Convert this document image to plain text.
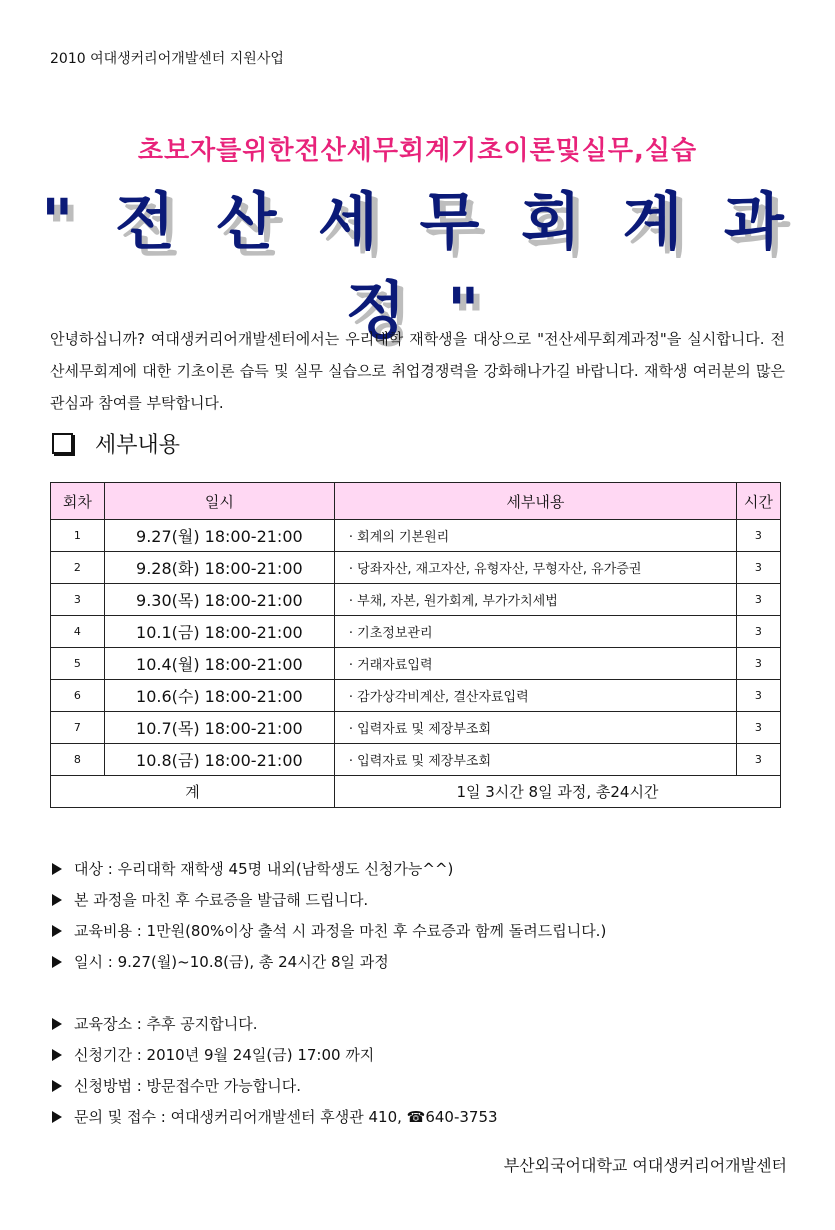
2010 여대생커리어개발센터 지원사업
초보자를위한전산세무회계기초이론및실무,실습
" 전 산 세 무 회 계 과 정 "

안녕하십니까? 여대생커리어개발센터에서는 우리대학 재학생을 대상으로 "전산세무회계과정"을 실시합니다. 전산세무회계에 대한 기초이론 습득 및 실무 실습으로 취업경쟁력을 강화해나가길 바랍니다. 재학생 여러분의 많은 관심과 참여를 부탁합니다.

세부내용
회차	일시	세부내용	시간
1	9.27(월) 18:00-21:00	· 회계의 기본원리	3
2	9.28(화) 18:00-21:00	· 당좌자산, 재고자산, 유형자산, 무형자산, 유가증권	3
3	9.30(목) 18:00-21:00	· 부채, 자본, 원가회계, 부가가치세법	3
4	10.1(금) 18:00-21:00	· 기초정보관리	3
5	10.4(월) 18:00-21:00	· 거래자료입력	3
6	10.6(수) 18:00-21:00	· 감가상각비계산, 결산자료입력	3
7	10.7(목) 18:00-21:00	· 입력자료 및 제장부조회	3
8	10.8(금) 18:00-21:00	· 입력자료 및 제장부조회	3
계		1일 3시간 8일 과정, 총24시간	
대상 : 우리대학 재학생 45명 내외(남학생도 신청가능^^)
본 과정을 마친 후 수료증을 발급해 드립니다.
교육비용 : 1만원(80%이상 출석 시 과정을 마친 후 수료증과 함께 돌려드립니다.)
일시 : 9.27(월)~10.8(금), 총 24시간 8일 과정
교육장소 : 추후 공지합니다.
신청기간 : 2010년 9월 24일(금) 17:00 까지
신청방법 : 방문접수만 가능합니다.
문의 및 접수 : 여대생커리어개발센터 후생관 410, ☎640-3753
부산외국어대학교 여대생커리어개발센터
